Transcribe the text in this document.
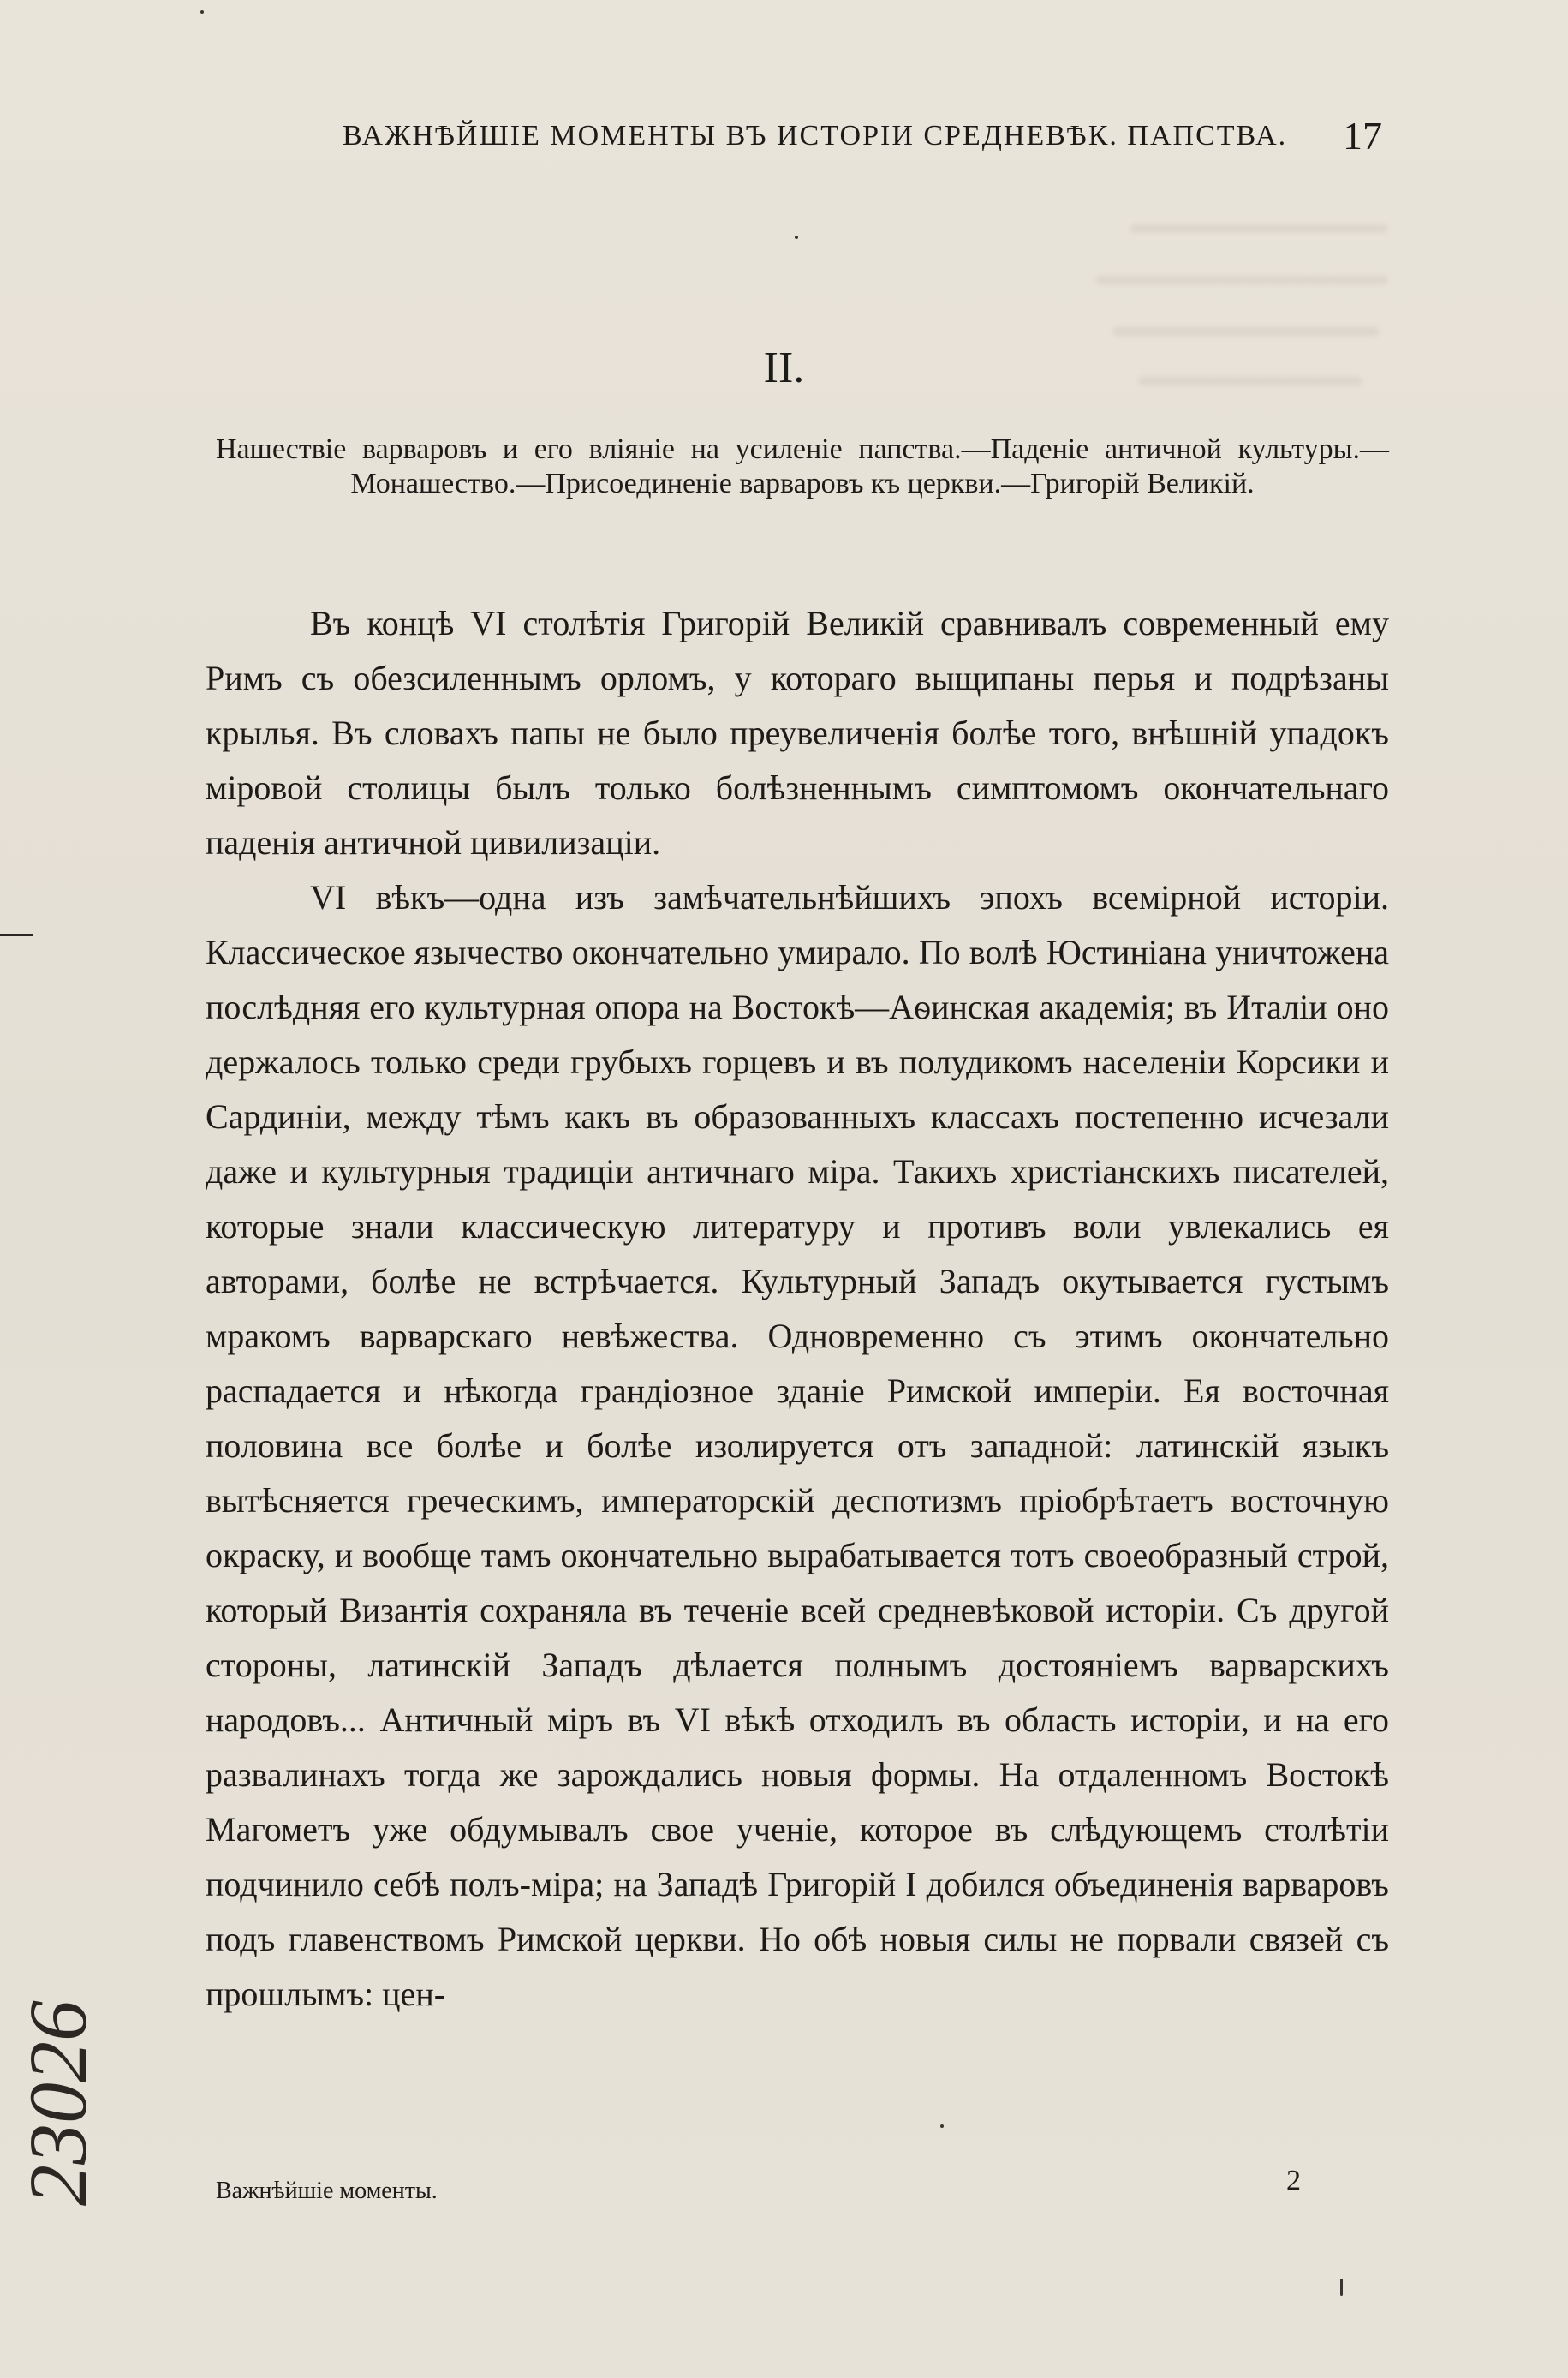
ВАЖНѢЙШІЕ МОМЕНТЫ ВЪ ИСТОРІИ СРЕДНЕВѢК. ПАПСТВА. 17
II.
Нашествіе варваровъ и его вліяніе на усиленіе папства.—Паденіе античной культуры.—Монашество.—Присоединеніе варваровъ къ церкви.—Григорій Великій.

Въ концѣ VI столѣтія Григорій Великій сравнивалъ современный ему Римъ съ обезсиленнымъ орломъ, у котораго выщипаны перья и подрѣзаны крылья. Въ словахъ папы не было преувеличенія болѣе того, внѣшній упадокъ міровой столицы былъ только болѣзненнымъ симптомомъ окончательнаго паденія античной цивилизаціи.

VI вѣкъ—одна изъ замѣчательнѣйшихъ эпохъ всемірной исторіи. Классическое язычество окончательно умирало. По волѣ Юстиніана уничтожена послѣдняя его культурная опора на Востокѣ—Аѳинская академія; въ Италіи оно держалось только среди грубыхъ горцевъ и въ полудикомъ населеніи Корсики и Сардиніи, между тѣмъ какъ въ образованныхъ классахъ постепенно исчезали даже и культурныя традиціи античнаго міра. Такихъ христіанскихъ писателей, которые знали классическую литературу и противъ воли увлекались ея авторами, болѣе не встрѣчается. Культурный Западъ окутывается густымъ мракомъ варварскаго невѣжества. Одновременно съ этимъ окончательно распадается и нѣкогда грандіозное зданіе Римской имперіи. Ея восточная половина все болѣе и болѣе изолируется отъ западной: латинскій языкъ вытѣсняется греческимъ, императорскій деспотизмъ пріобрѣтаетъ восточную окраску, и вообще тамъ окончательно вырабатывается тотъ своеобразный строй, который Византія сохраняла въ теченіе всей средневѣковой исторіи. Съ другой стороны, латинскій Западъ дѣлается полнымъ достояніемъ варварскихъ народовъ... Античный міръ въ VI вѣкѣ отходилъ въ область исторіи, и на его развалинахъ тогда же зарождались новыя формы. На отдаленномъ Востокѣ Магометъ уже обдумывалъ свое ученіе, которое въ слѣдующемъ столѣтіи подчинило себѣ полъ-міра; на Западѣ Григорій I добился объединенія варваровъ подъ главенствомъ Римской церкви. Но обѣ новыя силы не порвали связей съ прошлымъ: цен-

Важнѣйшіе моменты.	2
23026
